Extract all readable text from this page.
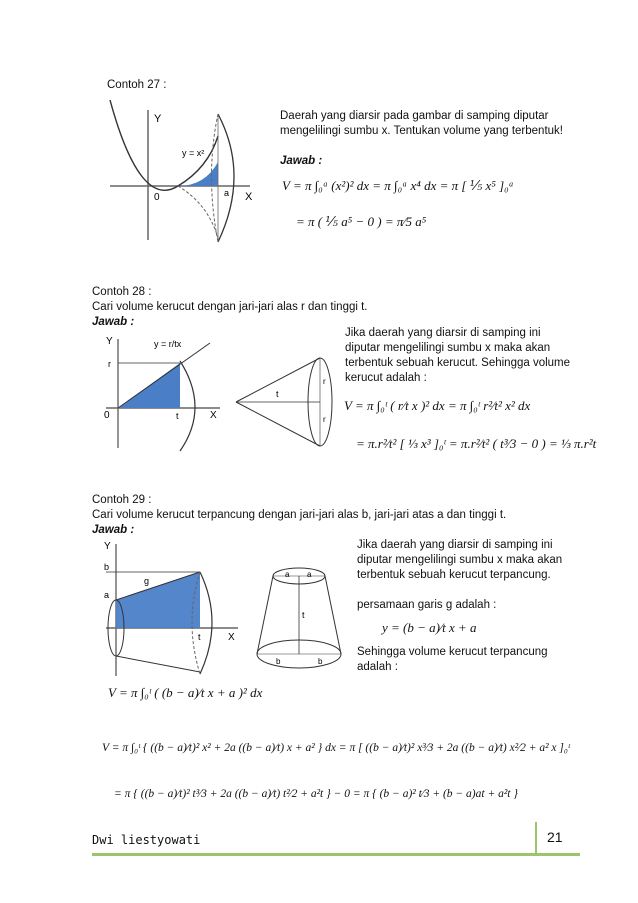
Contoh 27 :
Y
X
0
y = x²
a
Daerah yang diarsir pada gambar di samping diputar mengelilingi sumbu x. Tentukan volume yang terbentuk!
Jawab :
V = π ∫₀ᵃ (x²)² dx = π ∫₀ᵃ x⁴ dx = π [ ⅕ x⁵ ]₀ᵃ
= π ( ⅕ a⁵ − 0 ) = π⁄5 a⁵
Contoh 28 :
Cari volume kerucut dengan jari-jari alas r dan tinggi t.
Jawab :
Y
X
0
y = r/tx
r
t
t
r
r
Jika daerah yang diarsir di samping ini diputar mengelilingi sumbu x maka akan terbentuk sebuah kerucut. Sehingga volume kerucut adalah :
V = π ∫₀ᵗ ( r⁄t x )² dx = π ∫₀ᵗ r²⁄t² x² dx
= π.r²⁄t² [ ⅓ x³ ]₀ᵗ = π.r²⁄t² ( t³⁄3 − 0 ) = ⅓ π.r²t
Contoh 29 :
Cari volume kerucut terpancung dengan jari-jari alas b, jari-jari atas a dan tinggi t.
Jawab :
Y
X
b
g
a
t
a a
t
b	b
Jika daerah yang diarsir di samping ini diputar mengelilingi sumbu x maka akan terbentuk sebuah kerucut terpancung.
persamaan garis g adalah :
y = (b − a)⁄t x + a
Sehingga volume kerucut terpancung adalah :
V = π ∫₀ᵗ ( (b − a)⁄t x + a )² dx
V = π ∫₀ᵗ { ((b − a)⁄t)² x² + 2a ((b − a)⁄t) x + a² } dx = π [ ((b − a)⁄t)² x³⁄3 + 2a ((b − a)⁄t) x²⁄2 + a² x ]₀ᵗ
= π { ((b − a)⁄t)² t³⁄3 + 2a ((b − a)⁄t) t²⁄2 + a²t } − 0 = π { (b − a)² t⁄3 + (b − a)at + a²t }
Dwi liestyowati	21
